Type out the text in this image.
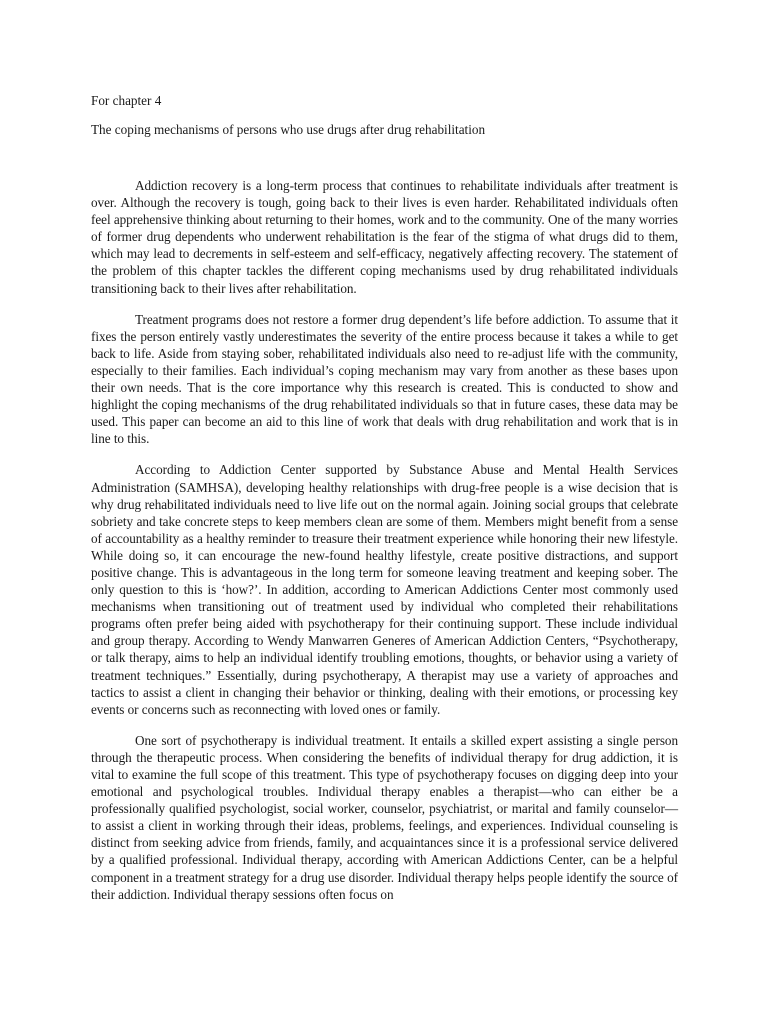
For chapter 4
The coping mechanisms of persons who use drugs after drug rehabilitation

Addiction recovery is a long-term process that continues to rehabilitate individuals after treatment is over. Although the recovery is tough, going back to their lives is even harder. Rehabilitated individuals often feel apprehensive thinking about returning to their homes, work and to the community. One of the many worries of former drug dependents who underwent rehabilitation is the fear of the stigma of what drugs did to them, which may lead to decrements in self-esteem and self-efficacy, negatively affecting recovery. The statement of the problem of this chapter tackles the different coping mechanisms used by drug rehabilitated individuals transitioning back to their lives after rehabilitation.

Treatment programs does not restore a former drug dependent’s life before addiction. To assume that it fixes the person entirely vastly underestimates the severity of the entire process because it takes a while to get back to life. Aside from staying sober, rehabilitated individuals also need to re-adjust life with the community, especially to their families. Each individual’s coping mechanism may vary from another as these bases upon their own needs. That is the core importance why this research is created. This is conducted to show and highlight the coping mechanisms of the drug rehabilitated individuals so that in future cases, these data may be used. This paper can become an aid to this line of work that deals with drug rehabilitation and work that is in line to this.

According to Addiction Center supported by Substance Abuse and Mental Health Services Administration (SAMHSA), developing healthy relationships with drug-free people is a wise decision that is why drug rehabilitated individuals need to live life out on the normal again. Joining social groups that celebrate sobriety and take concrete steps to keep members clean are some of them. Members might benefit from a sense of accountability as a healthy reminder to treasure their treatment experience while honoring their new lifestyle. While doing so, it can encourage the new-found healthy lifestyle, create positive distractions, and support positive change. This is advantageous in the long term for someone leaving treatment and keeping sober. The only question to this is ‘how?’. In addition, according to American Addictions Center most commonly used mechanisms when transitioning out of treatment used by individual who completed their rehabilitations programs often prefer being aided with psychotherapy for their continuing support. These include individual and group therapy. According to Wendy Manwarren Generes of American Addiction Centers, “Psychotherapy, or talk therapy, aims to help an individual identify troubling emotions, thoughts, or behavior using a variety of treatment techniques.” Essentially, during psychotherapy, A therapist may use a variety of approaches and tactics to assist a client in changing their behavior or thinking, dealing with their emotions, or processing key events or concerns such as reconnecting with loved ones or family.

One sort of psychotherapy is individual treatment. It entails a skilled expert assisting a single person through the therapeutic process. When considering the benefits of individual therapy for drug addiction, it is vital to examine the full scope of this treatment. This type of psychotherapy focuses on digging deep into your emotional and psychological troubles. Individual therapy enables a therapist—who can either be a professionally qualified psychologist, social worker, counselor, psychiatrist, or marital and family counselor—to assist a client in working through their ideas, problems, feelings, and experiences. Individual counseling is distinct from seeking advice from friends, family, and acquaintances since it is a professional service delivered by a qualified professional. Individual therapy, according with American Addictions Center, can be a helpful component in a treatment strategy for a drug use disorder. Individual therapy helps people identify the source of their addiction. Individual therapy sessions often focus on
